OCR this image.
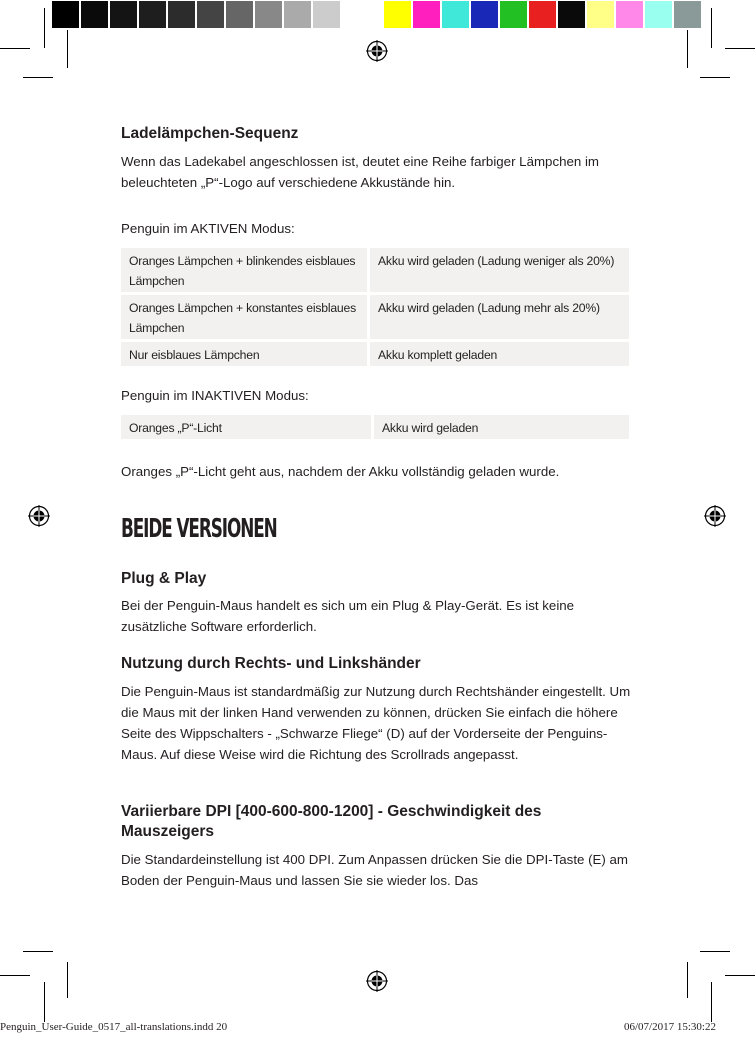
Penguin_User-Guide_0517_all-translations.indd 20	06/07/2017 15:30:22
Ladelämpchen-Sequenz

Wenn das Ladekabel angeschlossen ist, deutet eine Reihe farbiger Lämpchen im beleuchteten „P“-Logo auf verschiedene Akkustände hin.

Penguin im AKTIVEN Modus:
Oranges Lämpchen + blinkendes eisblaues Lämpchen	Akku wird geladen (Ladung weniger als 20%)
Oranges Lämpchen + konstantes eisblaues Lämpchen	Akku wird geladen (Ladung mehr als 20%)
Nur eisblaues Lämpchen	Akku komplett geladen
Penguin im INAKTIVEN Modus:
Oranges „P“-Licht	Akku wird geladen

Oranges „P“-Licht geht aus, nachdem der Akku vollständig geladen wurde.

BEIDE VERSIONEN
Plug & Play

Bei der Penguin-Maus handelt es sich um ein Plug & Play-Gerät. Es ist keine zusätzliche Software erforderlich.

Nutzung durch Rechts- und Linkshänder

Die Penguin-Maus ist standardmäßig zur Nutzung durch Rechtshänder eingestellt. Um die Maus mit der linken Hand verwenden zu können, drücken Sie einfach die höhere Seite des Wippschalters - „Schwarze Fliege“ (D) auf der Vorderseite der Penguins-Maus. Auf diese Weise wird die Richtung des Scrollrads angepasst.

Variierbare DPI [400-600-800-1200] - Geschwindigkeit des Mauszeigers

Die Standardeinstellung ist 400 DPI. Zum Anpassen drücken Sie die DPI-Taste (E) am Boden der Penguin-Maus und lassen Sie sie wieder los. Das
